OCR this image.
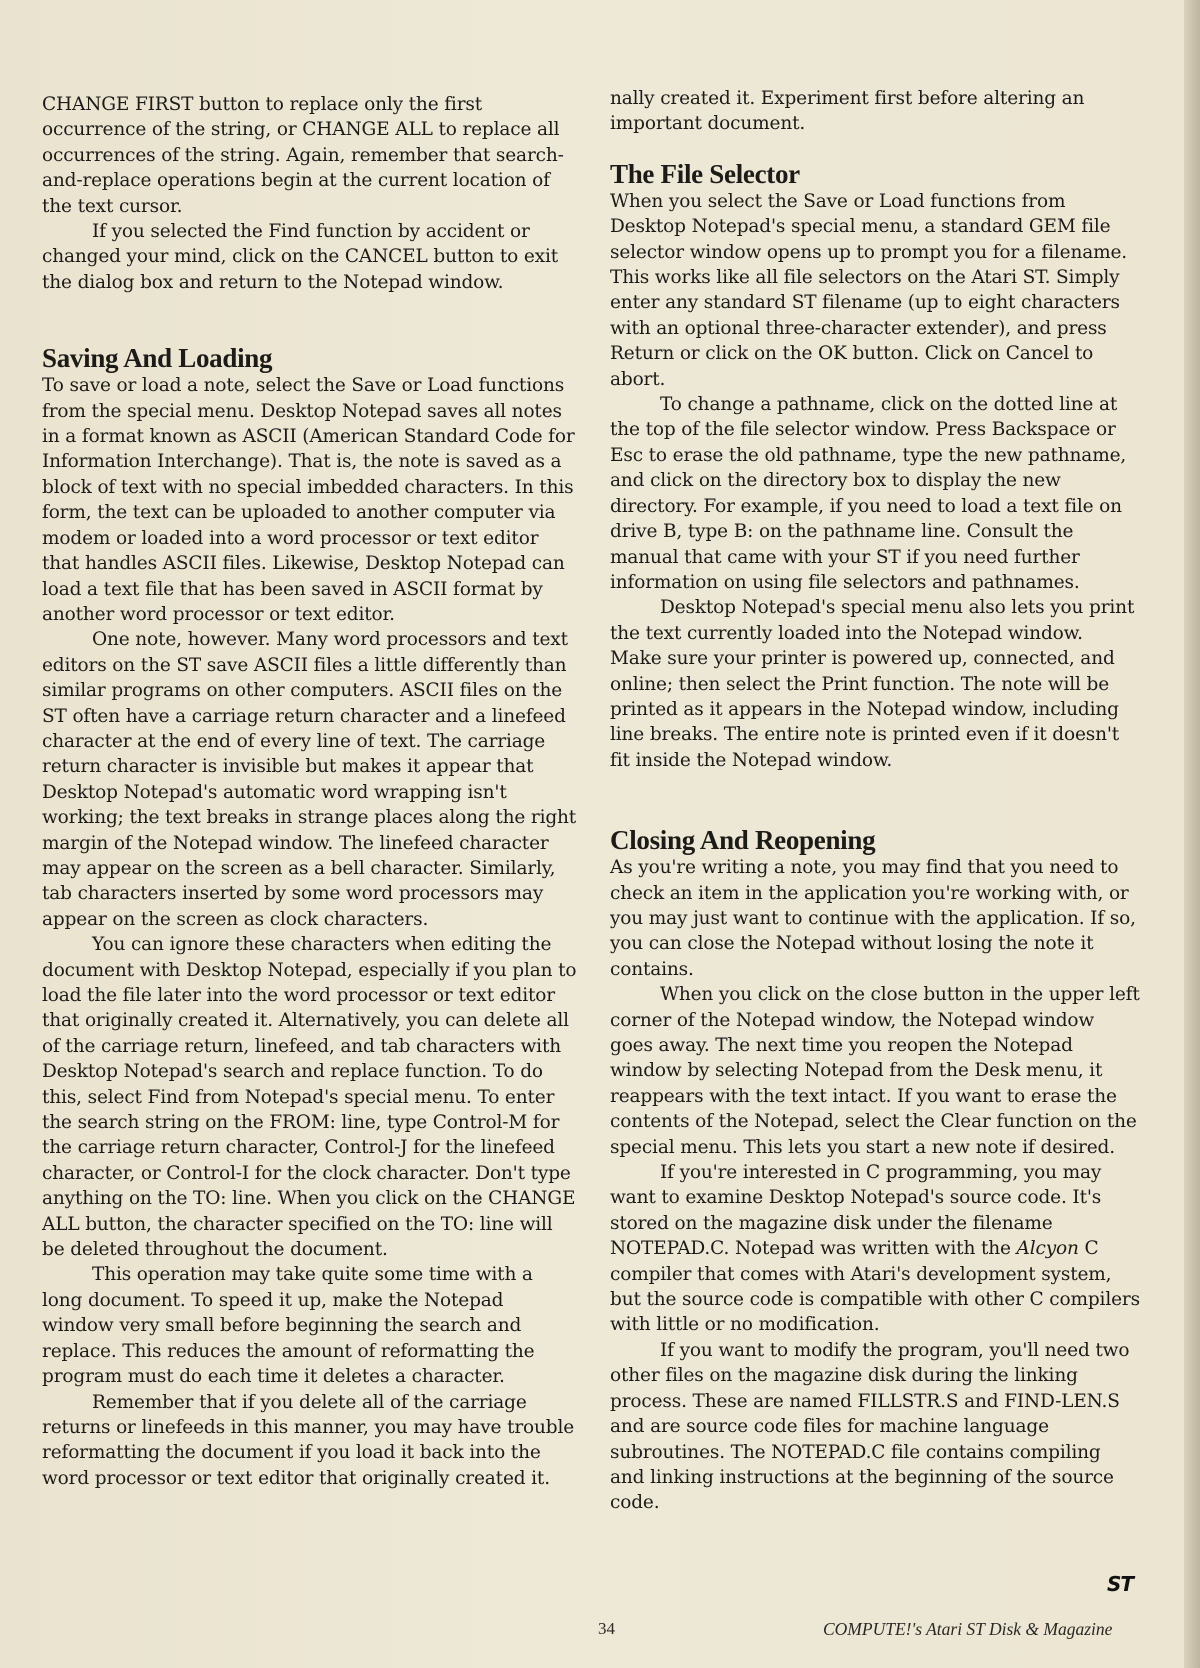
CHANGE FIRST button to replace only the first occurrence of the string, or CHANGE ALL to replace all occurrences of the string. Again, remember that search-and-replace operations begin at the current location of the text cursor.

If you selected the Find function by accident or changed your mind, click on the CANCEL button to exit the dialog box and return to the Notepad window.

Saving And Loading

To save or load a note, select the Save or Load functions from the special menu. Desktop Notepad saves all notes in a format known as ASCII (American Standard Code for Information Interchange). That is, the note is saved as a block of text with no special imbedded characters. In this form, the text can be uploaded to another computer via modem or loaded into a word processor or text editor that handles ASCII files. Likewise, Desktop Notepad can load a text file that has been saved in ASCII format by another word processor or text editor.

One note, however. Many word processors and text editors on the ST save ASCII files a little differently than similar programs on other computers. ASCII files on the ST often have a carriage return character and a linefeed character at the end of every line of text. The carriage return character is invisible but makes it appear that Desktop Notepad's automatic word wrapping isn't working; the text breaks in strange places along the right margin of the Notepad window. The linefeed character may appear on the screen as a bell character. Similarly, tab characters inserted by some word processors may appear on the screen as clock characters.

You can ignore these characters when editing the document with Desktop Notepad, especially if you plan to load the file later into the word processor or text editor that originally created it. Alternatively, you can delete all of the carriage return, linefeed, and tab characters with Desktop Notepad's search and replace function. To do this, select Find from Notepad's special menu. To enter the search string on the FROM: line, type Control-M for the carriage return character, Control-J for the linefeed character, or Control-I for the clock character. Don't type anything on the TO: line. When you click on the CHANGE ALL button, the character specified on the TO: line will be deleted throughout the document.

This operation may take quite some time with a long document. To speed it up, make the Notepad window very small before beginning the search and replace. This reduces the amount of reformatting the program must do each time it deletes a character.

Remember that if you delete all of the carriage returns or linefeeds in this manner, you may have trouble reformatting the document if you load it back into the word processor or text editor that originally created it.

nally created it. Experiment first before altering an important document.

The File Selector

When you select the Save or Load functions from Desktop Notepad's special menu, a standard GEM file selector window opens up to prompt you for a filename. This works like all file selectors on the Atari ST. Simply enter any standard ST filename (up to eight characters with an optional three-character extender), and press Return or click on the OK button. Click on Cancel to abort.

To change a pathname, click on the dotted line at the top of the file selector window. Press Backspace or Esc to erase the old pathname, type the new pathname, and click on the directory box to display the new directory. For example, if you need to load a text file on drive B, type B: on the pathname line. Consult the manual that came with your ST if you need further information on using file selectors and pathnames.

Desktop Notepad's special menu also lets you print the text currently loaded into the Notepad window. Make sure your printer is powered up, connected, and online; then select the Print function. The note will be printed as it appears in the Notepad window, including line breaks. The entire note is printed even if it doesn't fit inside the Notepad window.

Closing And Reopening

As you're writing a note, you may find that you need to check an item in the application you're working with, or you may just want to continue with the application. If so, you can close the Notepad without losing the note it contains.

When you click on the close button in the upper left corner of the Notepad window, the Notepad window goes away. The next time you reopen the Notepad window by selecting Notepad from the Desk menu, it reappears with the text intact. If you want to erase the contents of the Notepad, select the Clear function on the special menu. This lets you start a new note if desired.

If you're interested in C programming, you may want to examine Desktop Notepad's source code. It's stored on the magazine disk under the filename NOTEPAD.C. Notepad was written with the Alcyon C compiler that comes with Atari's development system, but the source code is compatible with other C compilers with little or no modification.

If you want to modify the program, you'll need two other files on the magazine disk during the linking process. These are named FILLSTR.S and FIND-LEN.S and are source code files for machine language subroutines. The NOTEPAD.C file contains compiling and linking instructions at the beginning of the source code.

ST
34	COMPUTE!'s Atari ST Disk & Magazine
